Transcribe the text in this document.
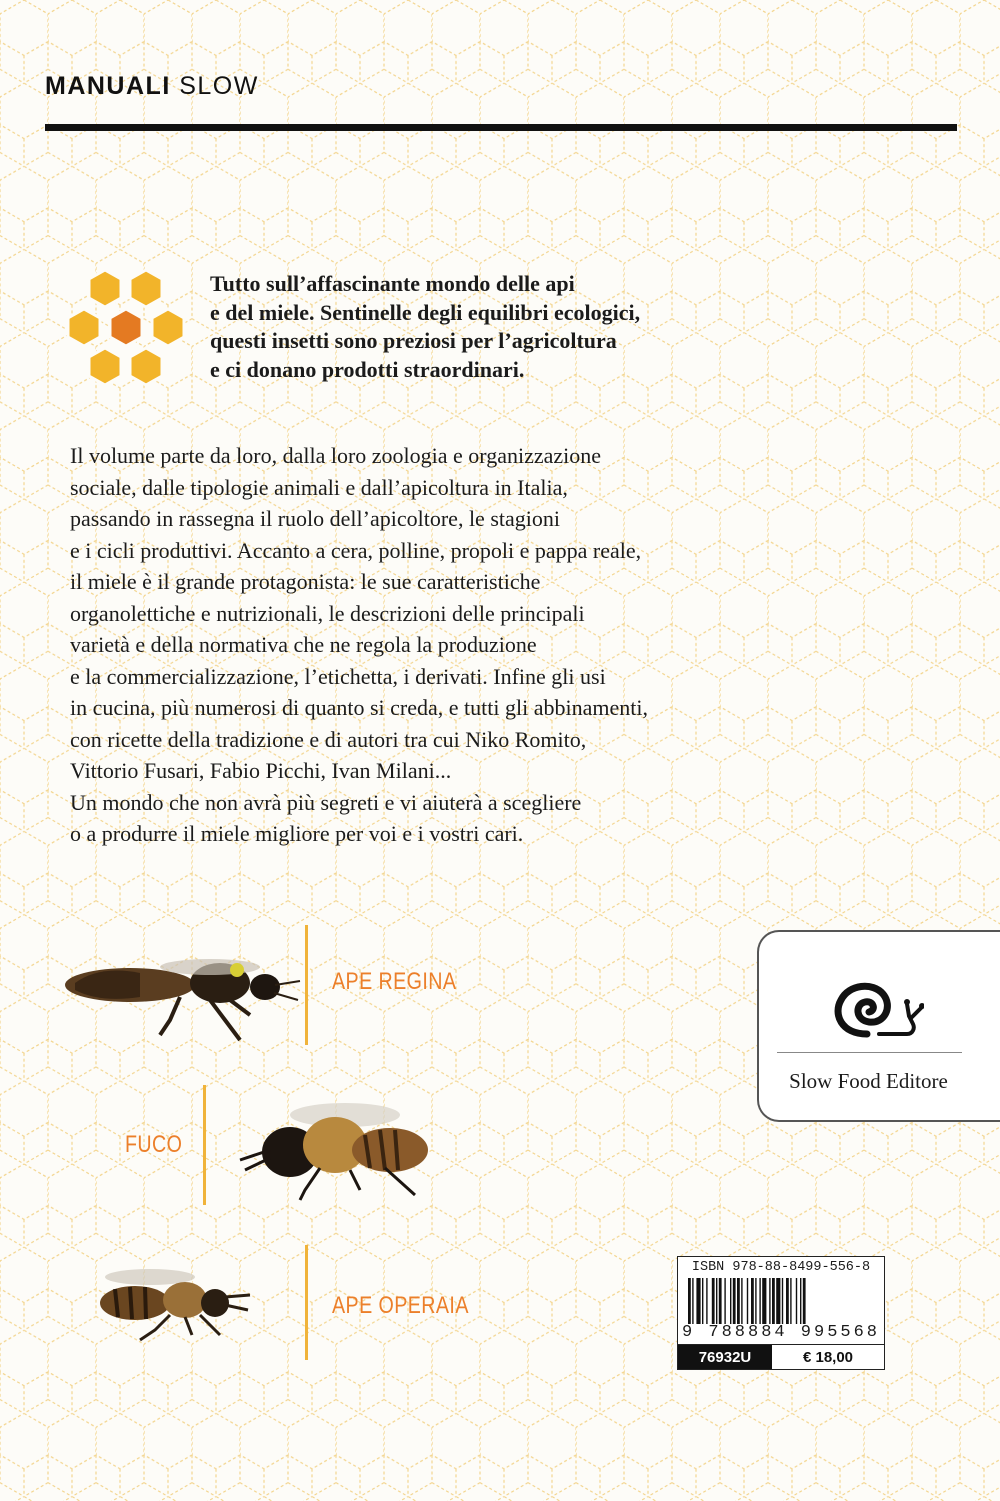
MANUALI SLOW
Tutto sull’affascinante mondo delle api
e del miele. Sentinelle degli equilibri ecologici,
questi insetti sono preziosi per l’agricoltura
e ci donano prodotti straordinari.
Il volume parte da loro, dalla loro zoologia e organizzazione
sociale, dalle tipologie animali e dall’apicoltura in Italia,
passando in rassegna il ruolo dell’apicoltore, le stagioni
e i cicli produttivi. Accanto a cera, polline, propoli e pappa reale,
il miele è il grande protagonista: le sue caratteristiche
organolettiche e nutrizionali, le descrizioni delle principali
varietà e della normativa che ne regola la produzione
e la commercializzazione, l’etichetta, i derivati. Infine gli usi
in cucina, più numerosi di quanto si creda, e tutti gli abbinamenti,
con ricette della tradizione e di autori tra cui Niko Romito,
Vittorio Fusari, Fabio Picchi, Ivan Milani...
Un mondo che non avrà più segreti e vi aiuterà a scegliere
o a produrre il miele migliore per voi e i vostri cari.
APE REGINA
FUCO
APE OPERAIA
Slow Food Editore
ISBN 978-88-8499-556-8
9 788884 995568
76932U	€ 18,00
